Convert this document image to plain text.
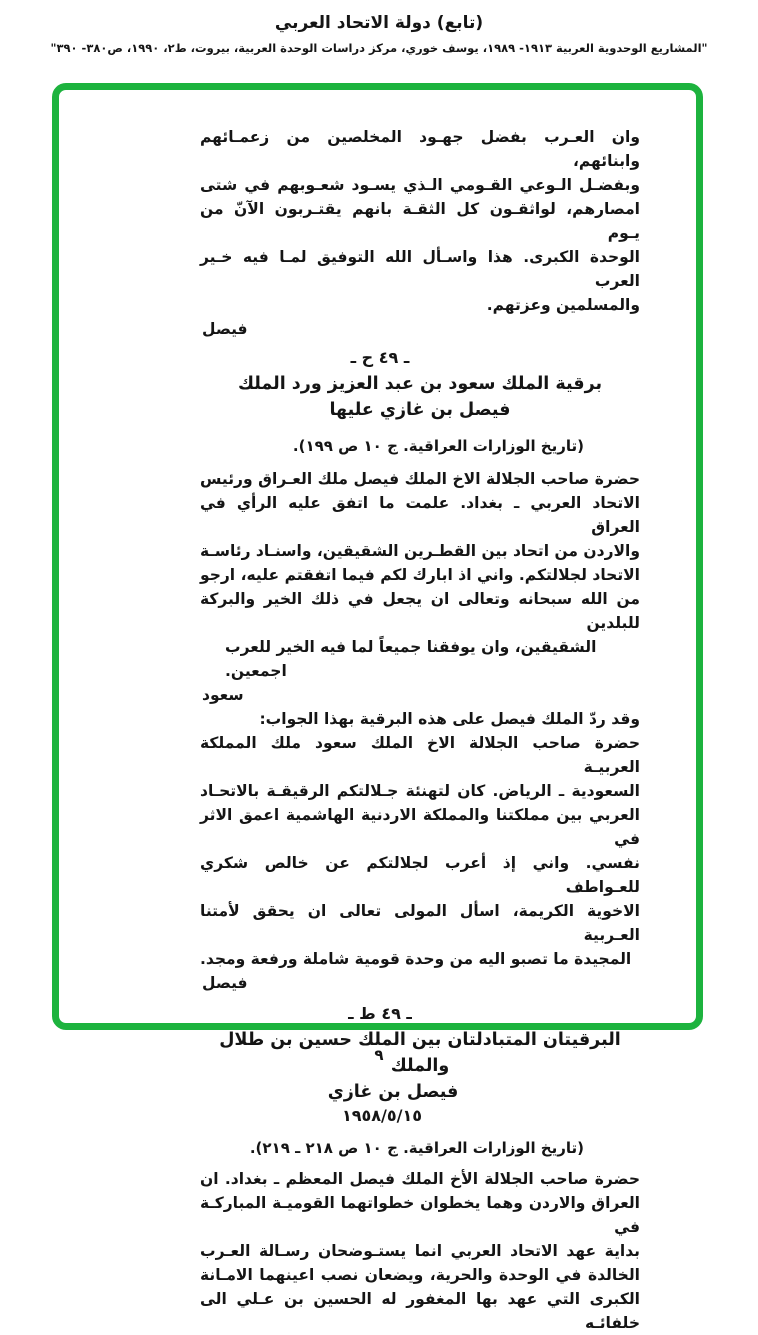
(تابع) دولة الاتحاد العربي
"المشاريع الوحدوية العربية ١٩١٣- ١٩٨٩، يوسف خوري، مركز دراسات الوحدة العربية، بيروت، ط٢، ١٩٩٠، ص٣٨٠- ٣٩٠"
وان العـرب بفضل جهـود المخلصين من زعمـائهم وابنائهم،
وبفضـل الـوعي القـومي الـذي يسـود شعـوبهم في شتى
امصارهم، لواثقـون كل الثقـة بانهم يقتـربون الآنّ من يـوم
الوحدة الكبرى. هذا واسـأل الله التوفيق لمـا فيه خـير العرب
والمسلمين وعزتهم.
فيصل
ـ ٤٩ ح ـ
برقية الملك سعود بن عبد العزيز ورد الملك
فيصل بن غازي عليها
(تاريخ الوزارات العراقية. ج ١٠ ص ١٩٩).
حضرة صاحب الجلالة الاخ الملك فيصل ملك العـراق ورئيس
الاتحاد العربي ـ بغداد. علمت ما اتفق عليه الرأي في العراق
والاردن من اتحاد بين القطـرين الشقيقين، واسنـاد رئاسـة
الاتحاد لجلالتكم. واني اذ ابارك لكم فيما اتفقتم عليه، ارجو
من الله سبحانه وتعالى ان يجعل في ذلك الخير والبركة للبلدين
الشقيقين، وان يوفقنا جميعاً لما فيه الخير للعرب اجمعين.
سعود
وقد ردّ الملك فيصل على هذه البرقية بهذا الجواب:
حضرة صاحب الجلالة الاخ الملك سعود ملك المملكة العربيـة
السعودية ـ الرياض. كان لتهنئة جـلالتكم الرقيقـة بالاتحـاد
العربي بين مملكتنا والمملكة الاردنية الهاشمية اعمق الاثر في
نفسي. واني إذ أعرب لجلالتكم عن خالص شكري للعـواطف
الاخوية الكريمة، اسأل المولى تعالى ان يحقق لأمتنا العـربية
المجيدة ما تصبو اليه من وحدة قومية شاملة ورفعة ومجد.
فيصل
ـ ٤٩ ط ـ
البرقيتان المتبادلتان بين الملك حسين بن طلال والملك
فيصل بن غازي
١٩٥٨/٥/١٥
(تاريخ الوزارات العراقية. ج ١٠ ص ٢١٨ ـ ٢١٩).
حضرة صاحب الجلالة الأخ الملك فيصل المعظم ـ بغداد. ان
العراق والاردن وهما يخطوان خطواتهما القوميـة المباركـة في
بداية عهد الاتحاد العربي انما يستـوضحان رسـالة العـرب
الخالدة في الوحدة والحرية، ويضعان نصب اعينهما الامـانة
الكبرى التي عهد بها المغفور له الحسين بن عـلي الى خلفائـه
٩
